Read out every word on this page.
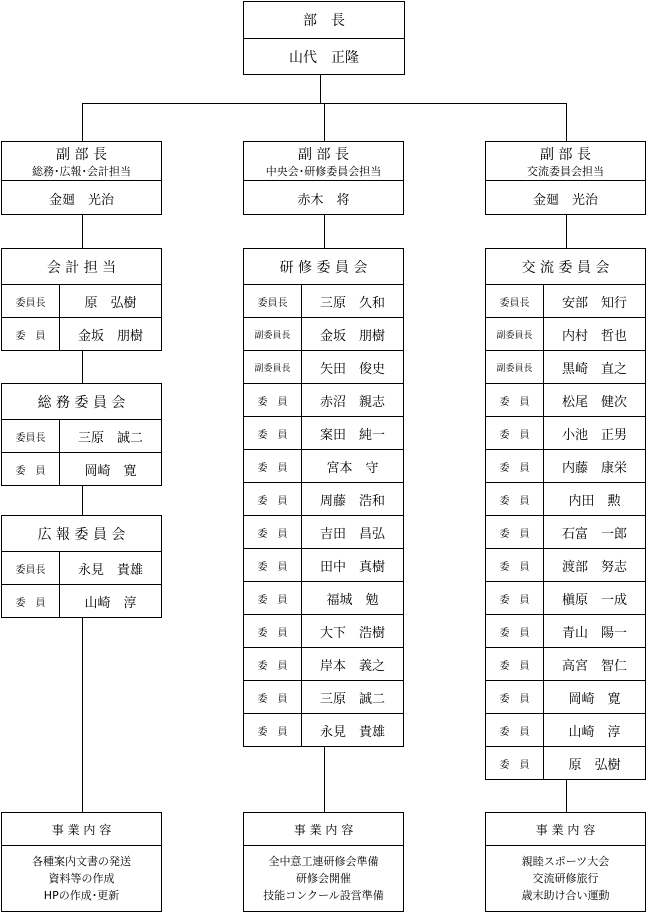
部　長
山代　正隆
副 部 長
総務･広報･会計担当
金廻　光治
副 部 長
中央会･研修委員会担当
赤木　将
副 部 長
交流委員会担当
金廻　光治
会 計 担 当
委員長	原　弘樹
委　員	金坂　朋樹
総 務 委 員 会
委員長	三原　誠二
委　員	岡崎　寛
広 報 委 員 会
委員長	永見　貴雄
委　員	山崎　淳
研 修 委 員 会
委員長	三原　久和
副委員長	金坂　朋樹
副委員長	矢田　俊史
委　員	赤沼　親志
委　員	案田　純一
委　員	宮本　守
委　員	周藤　浩和
委　員	吉田　昌弘
委　員	田中　真樹
委　員	福城　勉
委　員	大下　浩樹
委　員	岸本　義之
委　員	三原　誠二
委　員	永見　貴雄
交 流 委 員 会
委員長	安部　知行
副委員長	内村　哲也
副委員長	黒崎　直之
委　員	松尾　健次
委　員	小池　正男
委　員	内藤　康栄
委　員	内田　勲
委　員	石富　一郎
委　員	渡部　努志
委　員	槇原　一成
委　員	青山　陽一
委　員	高宮　智仁
委　員	岡崎　寛
委　員	山崎　淳
委　員	原　弘樹
事 業 内 容
各種案内文書の発送
資料等の作成
HPの作成･更新
事 業 内 容
全中意工連研修会準備
研修会開催
技能コンクール設営準備
事 業 内 容
親睦スポーツ大会
交流研修旅行
歳末助け合い運動
